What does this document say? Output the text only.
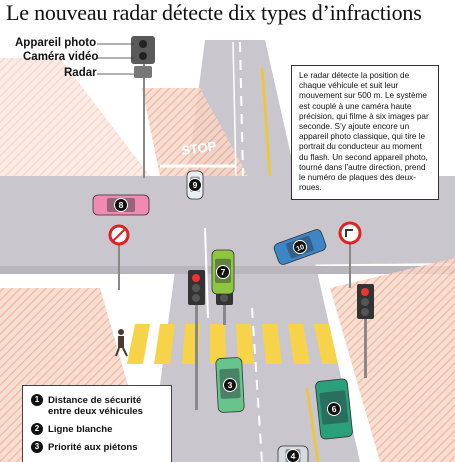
Le nouveau radar détecte dix types d’infractions
STOP
9
8
7
10
3
6
4
Appareil photo
Caméra vidéo
Radar	Le radar détecte la position de chaque véhicule et suit leur mouvement sur 500 m. Le système est couplé à une caméra haute précision, qui filme à six images par seconde. S’y ajoute encore un appareil photo classique, qui tire le portrait du conducteur au moment du flash. Un second appareil photo, tourné dans l’autre direction, prend le numéro de plaques des deux-roues.
1 Distance de sécurité entre deux véhicules
2 Ligne blanche
3 Priorité aux piétons
